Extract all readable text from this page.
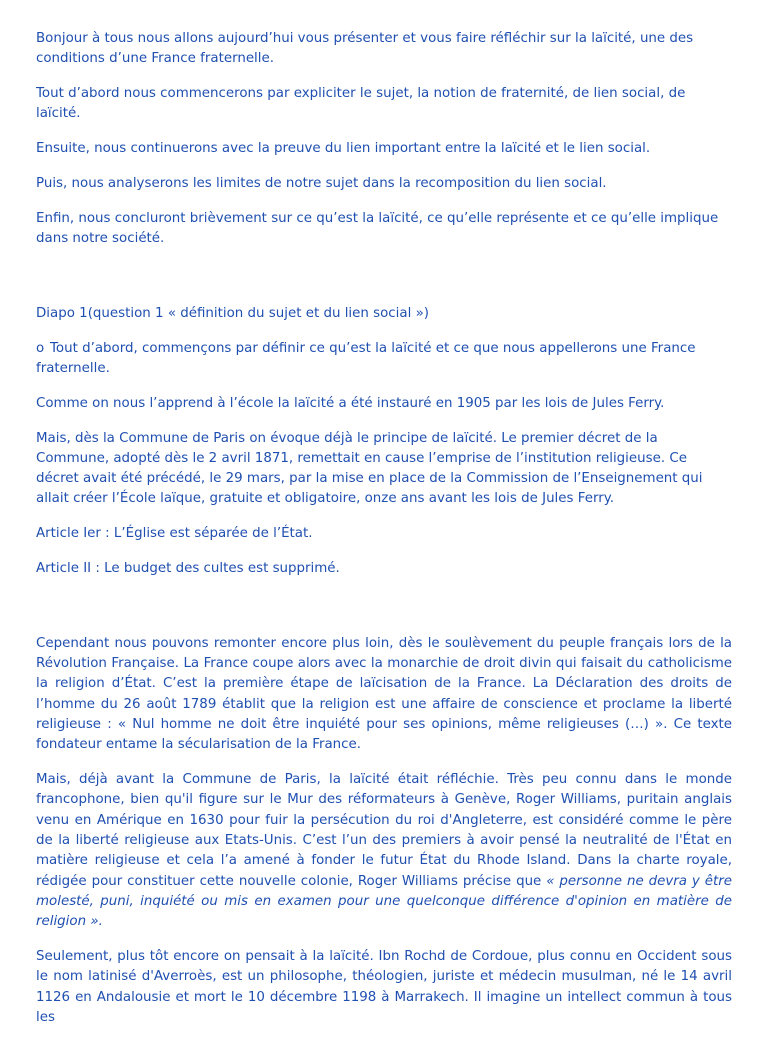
Bonjour à tous nous allons aujourd’hui vous présenter et vous faire réfléchir sur la laïcité, une des conditions d’une France fraternelle.

Tout d’abord nous commencerons par expliciter le sujet, la notion de fraternité, de lien social, de laïcité.

Ensuite, nous continuerons avec la preuve du lien important entre la laïcité et le lien social.

Puis, nous analyserons les limites de notre sujet dans la recomposition du lien social.

Enfin, nous concluront brièvement sur ce qu’est la laïcité, ce qu’elle représente et ce qu’elle implique dans notre société.

Diapo 1(question 1 « définition du sujet et du lien social »)

o Tout d’abord, commençons par définir ce qu’est la laïcité et ce que nous appellerons une France fraternelle.

Comme on nous l’apprend à l’école la laïcité a été instauré en 1905 par les lois de Jules Ferry.

Mais, dès la Commune de Paris on évoque déjà le principe de laïcité. Le premier décret de la Commune, adopté dès le 2 avril 1871, remettait en cause l’emprise de l’institution religieuse. Ce décret avait été précédé, le 29 mars, par la mise en place de la Commission de l’Enseignement qui allait créer l’École laïque, gratuite et obligatoire, onze ans avant les lois de Jules Ferry.

Article Ier : L’Église est séparée de l’État.

Article II : Le budget des cultes est supprimé.

Cependant nous pouvons remonter encore plus loin, dès le soulèvement du peuple français lors de la Révolution Française. La France coupe alors avec la monarchie de droit divin qui faisait du catholicisme la religion d’État. C’est la première étape de laïcisation de la France. La Déclaration des droits de l’homme du 26 août 1789 établit que la religion est une affaire de conscience et proclame la liberté religieuse : « Nul homme ne doit être inquiété pour ses opinions, même religieuses (…) ». Ce texte fondateur entame la sécularisation de la France.

Mais, déjà avant la Commune de Paris, la laïcité était réfléchie. Très peu connu dans le monde francophone, bien qu'il figure sur le Mur des réformateurs à Genève, Roger Williams, puritain anglais venu en Amérique en 1630 pour fuir la persécution du roi d'Angleterre, est considéré comme le père de la liberté religieuse aux Etats-Unis. C’est l’un des premiers à avoir pensé la neutralité de l'État en matière religieuse et cela l’a amené à fonder le futur État du Rhode Island. Dans la charte royale, rédigée pour constituer cette nouvelle colonie, Roger Williams précise que « personne ne devra y être molesté, puni, inquiété ou mis en examen pour une quelconque différence d'opinion en matière de religion ».

Seulement, plus tôt encore on pensait à la laïcité. Ibn Rochd de Cordoue, plus connu en Occident sous le nom latinisé d'Averroès, est un philosophe, théologien, juriste et médecin musulman, né le 14 avril 1126 en Andalousie et mort le 10 décembre 1198 à Marrakech. Il imagine un intellect commun à tous les
